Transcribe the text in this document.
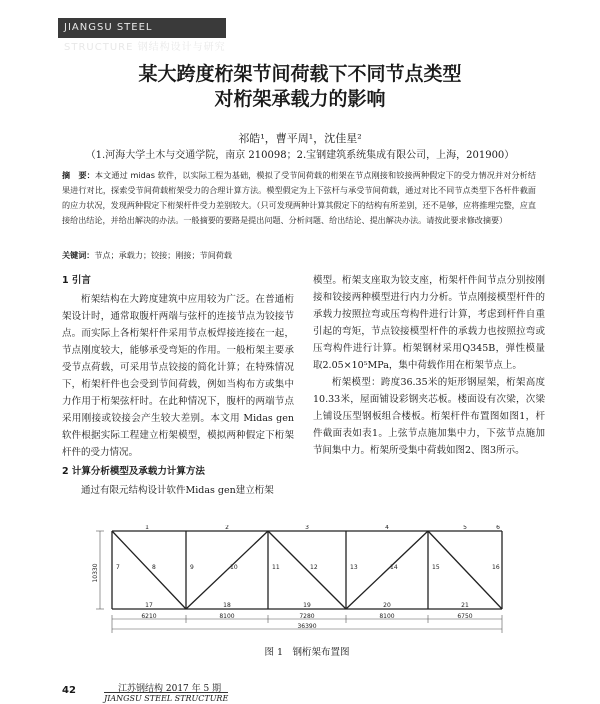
JIANGSU STEEL STRUCTURE 钢结构设计与研究
某大跨度桁架节间荷载下不同节点类型
对桁架承载力的影响
祁皓¹，曹平周¹，沈佳星²
（1.河海大学土木与交通学院，南京 210098；2.宝钢建筑系统集成有限公司，上海，201900）
摘　要：本文通过 midas 软件，以实际工程为基础，模拟了受节间荷载的桁架在节点刚接和铰接两种假定下的受力情况并对分析结果进行对比，探索受节间荷载桁架受力的合理计算方法。模型假定为上下弦杆与承受节间荷载，通过对比不同节点类型下各杆件截面的应力状况，发现两种假定下桁架杆件受力差别较大。（只可发现两种计算其假定下的结构有所差别，还不是够，应将推理完整，应直接给出结论，并给出解决的办法。一般摘要的要路是提出问题、分析问题、给出结论、提出解决办法。请按此要求修改摘要）
关键词：节点；承载力；铰接；刚接；节间荷载
1 引言

桁架结构在大跨度建筑中应用较为广泛。在普通桁架设计时，通常取腹杆两端与弦杆的连接节点为铰接节点。而实际上各桁架杆件采用节点板焊接连接在一起，节点刚度较大，能够承受弯矩的作用。一般桁架主要承受节点荷载，可采用节点铰接的简化计算；在特殊情况下，桁架杆件也会受到节间荷载，例如当构布方或集中力作用于桁架弦杆时。在此种情况下，腹杆的两端节点采用刚接或铰接会产生较大差别。本文用 Midas gen 软件根据实际工程建立桁架模型，模拟两种假定下桁架杆件的受力情况。

2 计算分析模型及承载力计算方法

通过有限元结构设计软件Midas gen建立桁架

模型。桁架支座取为铰支座，桁架杆件间节点分别按刚接和铰接两种模型进行内力分析。节点刚接模型杆件的承载力按照拉弯或压弯构件进行计算，考虑到杆件自重引起的弯矩，节点铰接模型杆件的承载力也按照拉弯或压弯构件进行计算。桁架钢材采用Q345B，弹性模量取2.05×10⁵MPa，集中荷载作用在桁架节点上。

桁架模型：跨度36.35米的矩形钢屋架，桁架高度10.33米，屋面铺设彩钢夹芯板。楼面设有次梁，次梁上铺设压型钢板组合楼板。桁架杆件布置图如图1，杆件截面表如表1。上弦节点施加集中力，下弦节点施加节间集中力。桁架所受集中荷载如图2、图3所示。

10330
1	2	3	4	5	6
7	8	9	10	11	12	13	14	15	16
17	18	19	20	21
6210	8100	7280	8100	6750
36390
图 1　钢桁架布置图
42	江苏钢结构 2017 年 5 期
JIANGSU STEEL STRUCTURE
